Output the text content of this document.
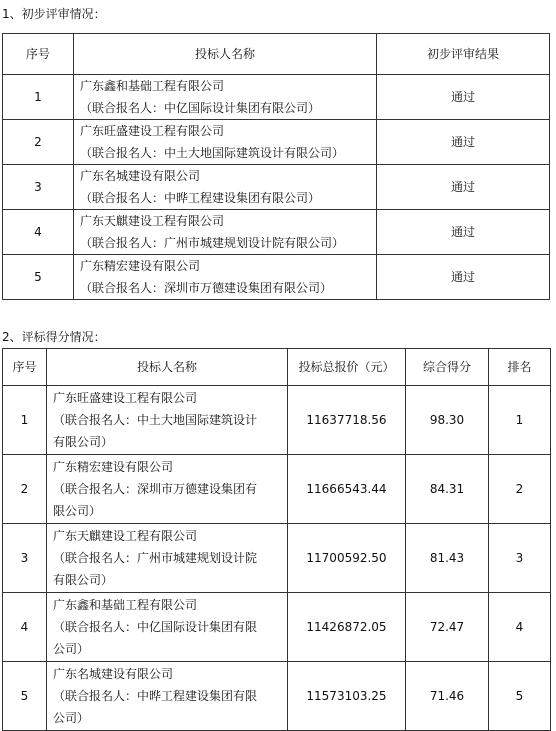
1、初步评审情况：
序号	投标人名称	初步评审结果
1	广东鑫和基础工程有限公司
（联合报名人：中亿国际设计集团有限公司）	通过
2	广东旺盛建设工程有限公司
（联合报名人：中土大地国际建筑设计有限公司）	通过
3	广东名城建设有限公司
（联合报名人：中晔工程建设集团有限公司）	通过
4	广东天麒建设工程有限公司
（联合报名人：广州市城建规划设计院有限公司）	通过
5	广东精宏建设有限公司
（联合报名人：深圳市万德建设集团有限公司）	通过
2、评标得分情况：
序号	投标人名称	投标总报价（元）	综合得分	排名
1	广东旺盛建设工程有限公司
（联合报名人：中土大地国际建筑设计
有限公司）	11637718.56	98.30	1
2	广东精宏建设有限公司
（联合报名人：深圳市万德建设集团有
限公司）	11666543.44	84.31	2
3	广东天麒建设工程有限公司
（联合报名人：广州市城建规划设计院
有限公司）	11700592.50	81.43	3
4	广东鑫和基础工程有限公司
（联合报名人：中亿国际设计集团有限
公司）	11426872.05	72.47	4
5	广东名城建设有限公司
（联合报名人：中晔工程建设集团有限
公司）	11573103.25	71.46	5
